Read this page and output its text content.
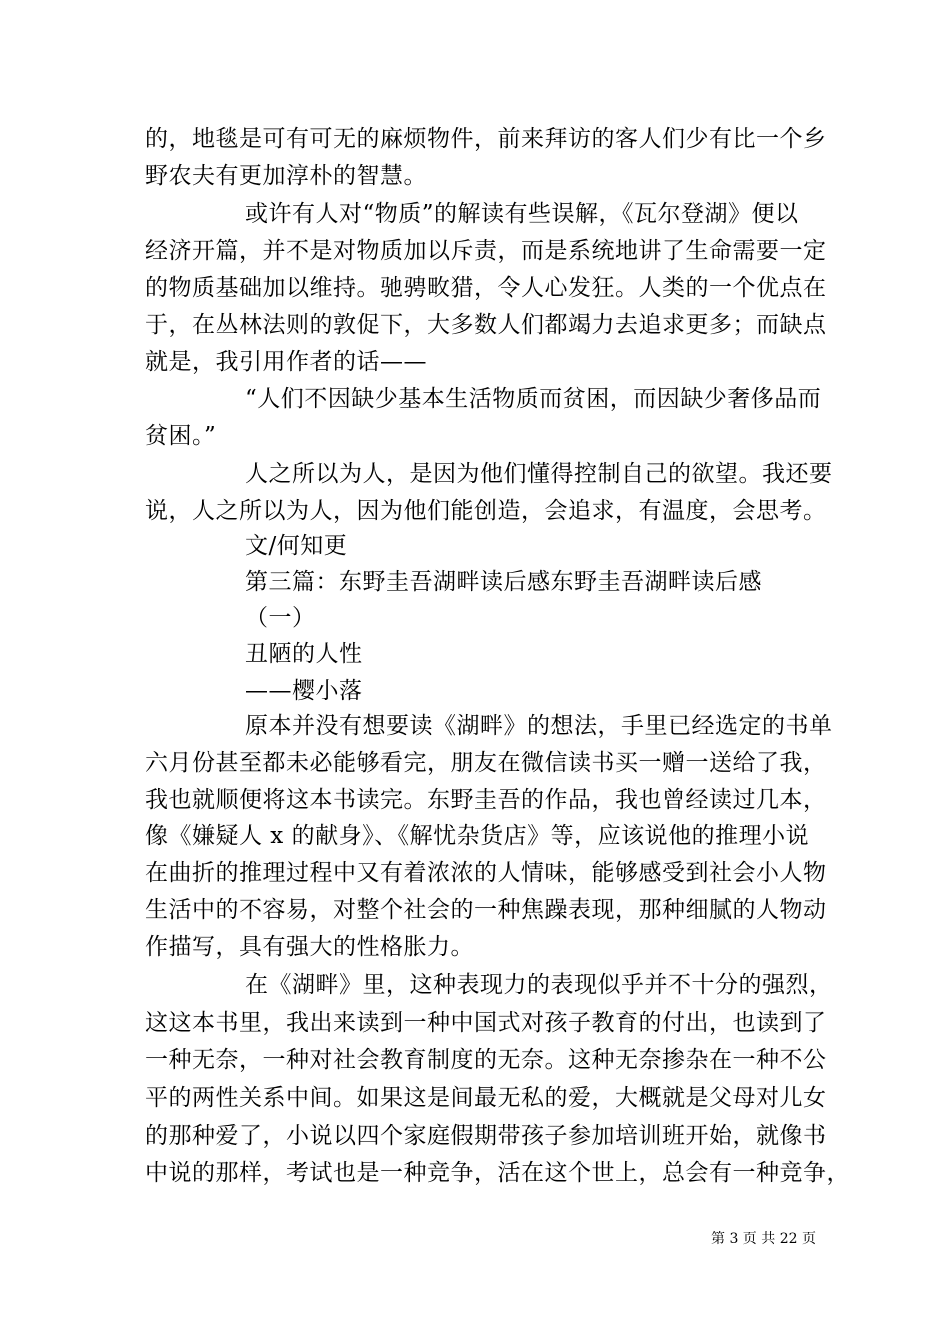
的，地毯是可有可无的麻烦物件，前来拜访的客人们少有比一个乡
野农夫有更加淳朴的智慧。
或许有人对“物质”的解读有些误解，《瓦尔登湖》便以
经济开篇，并不是对物质加以斥责，而是系统地讲了生命需要一定
的物质基础加以维持。驰骋畋猎，令人心发狂。人类的一个优点在
于，在丛林法则的敦促下，大多数人们都竭力去追求更多；而缺点
就是，我引用作者的话——
“人们不因缺少基本生活物质而贫困，而因缺少奢侈品而
贫困。”
人之所以为人，是因为他们懂得控制自己的欲望。我还要
说，人之所以为人，因为他们能创造，会追求，有温度，会思考。
文/何知更
第三篇：东野圭吾湖畔读后感东野圭吾湖畔读后感
（一）
丑陋的人性
——樱小落
原本并没有想要读《湖畔》的想法，手里已经选定的书单
六月份甚至都未必能够看完，朋友在微信读书买一赠一送给了我，
我也就顺便将这本书读完。东野圭吾的作品，我也曾经读过几本，
像《嫌疑人 x 的献身》、《解忧杂货店》等，应该说他的推理小说
在曲折的推理过程中又有着浓浓的人情味，能够感受到社会小人物
生活中的不容易，对整个社会的一种焦躁表现，那种细腻的人物动
作描写，具有强大的性格胀力。
在《湖畔》里，这种表现力的表现似乎并不十分的强烈，
这这本书里，我出来读到一种中国式对孩子教育的付出，也读到了
一种无奈，一种对社会教育制度的无奈。这种无奈掺杂在一种不公
平的两性关系中间。如果这是间最无私的爱，大概就是父母对儿女
的那种爱了，小说以四个家庭假期带孩子参加培训班开始，就像书
中说的那样，考试也是一种竞争，活在这个世上，总会有一种竞争，
第 3 页 共 22 页
